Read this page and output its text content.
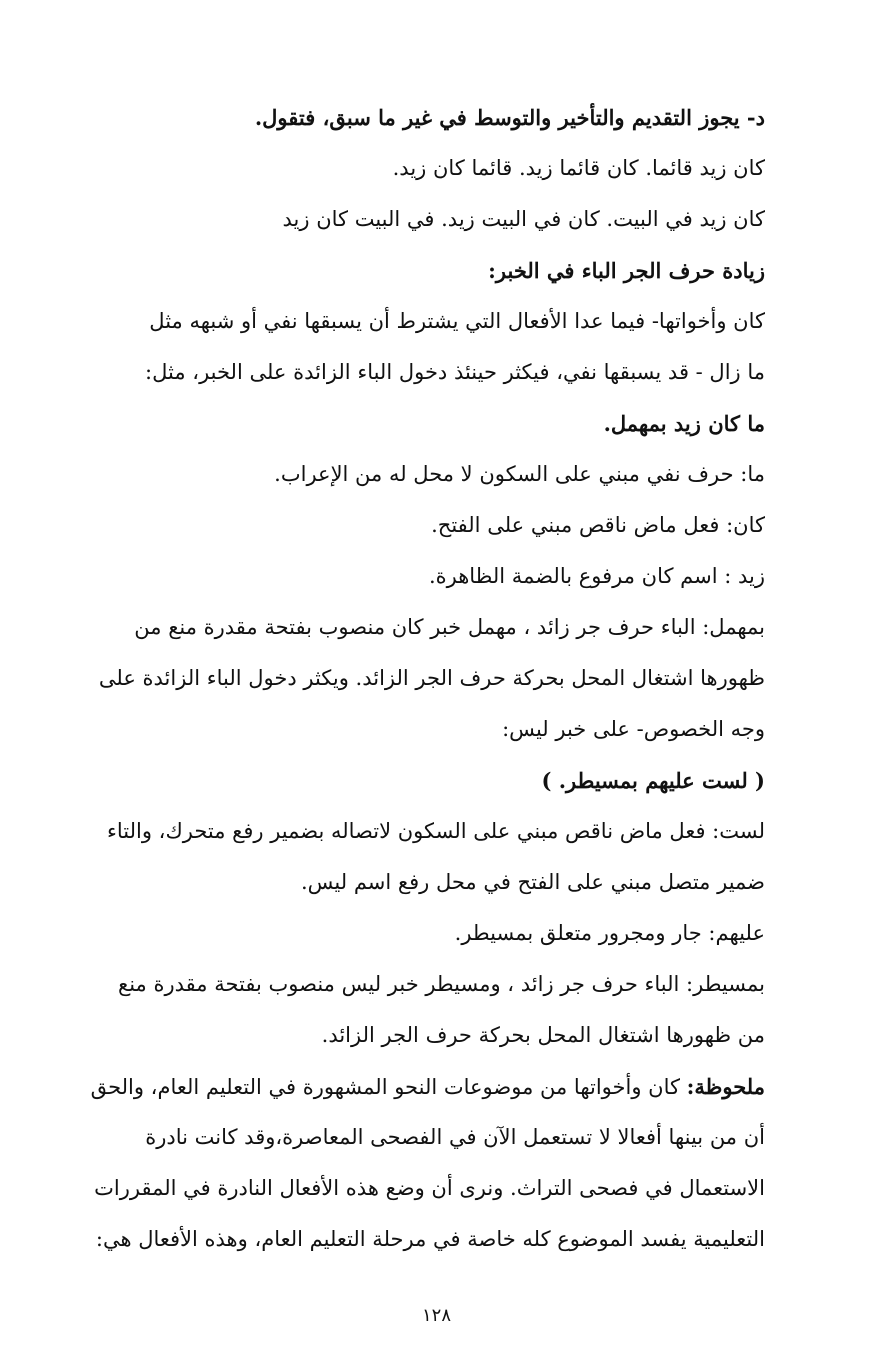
د- يجوز التقديم والتأخير والتوسط في غير ما سبق، فتقول.
كان زيد قائما. كان قائما زيد. قائما كان زيد.
كان زيد في البيت. كان في البيت زيد. في البيت كان زيد
زيادة حرف الجر الباء في الخبر:
كان وأخواتها- فيما عدا الأفعال التي يشترط أن يسبقها نفي أو شبهه مثل
ما زال - قد يسبقها نفي، فيكثر حينئذ دخول الباء الزائدة على الخبر، مثل:
ما كان زيد بمهمل.
ما: حرف نفي مبني على السكون لا محل له من الإعراب.
كان: فعل ماض ناقص مبني على الفتح.
زيد : اسم كان مرفوع بالضمة الظاهرة.
بمهمل: الباء حرف جر زائد ، مهمل خبر كان منصوب بفتحة مقدرة منع من
ظهورها اشتغال المحل بحركة حرف الجر الزائد. ويكثر دخول الباء الزائدة على
وجه الخصوص- على خبر ليس:
( لست عليهم بمسيطر. )
لست: فعل ماض ناقص مبني على السكون لاتصاله بضمير رفع متحرك، والتاء
ضمير متصل مبني على الفتح في محل رفع اسم ليس.
عليهم: جار ومجرور متعلق بمسيطر.
بمسيطر: الباء حرف جر زائد ، ومسيطر خبر ليس منصوب بفتحة مقدرة منع
من ظهورها اشتغال المحل بحركة حرف الجر الزائد.
ملحوظة: كان وأخواتها من موضوعات النحو المشهورة في التعليم العام، والحق
أن من بينها أفعالا لا تستعمل الآن في الفصحى المعاصرة،وقد كانت نادرة
الاستعمال في فصحى التراث. ونرى أن وضع هذه الأفعال النادرة في المقررات
التعليمية يفسد الموضوع كله خاصة في مرحلة التعليم العام، وهذه الأفعال هي:
١٢٨
